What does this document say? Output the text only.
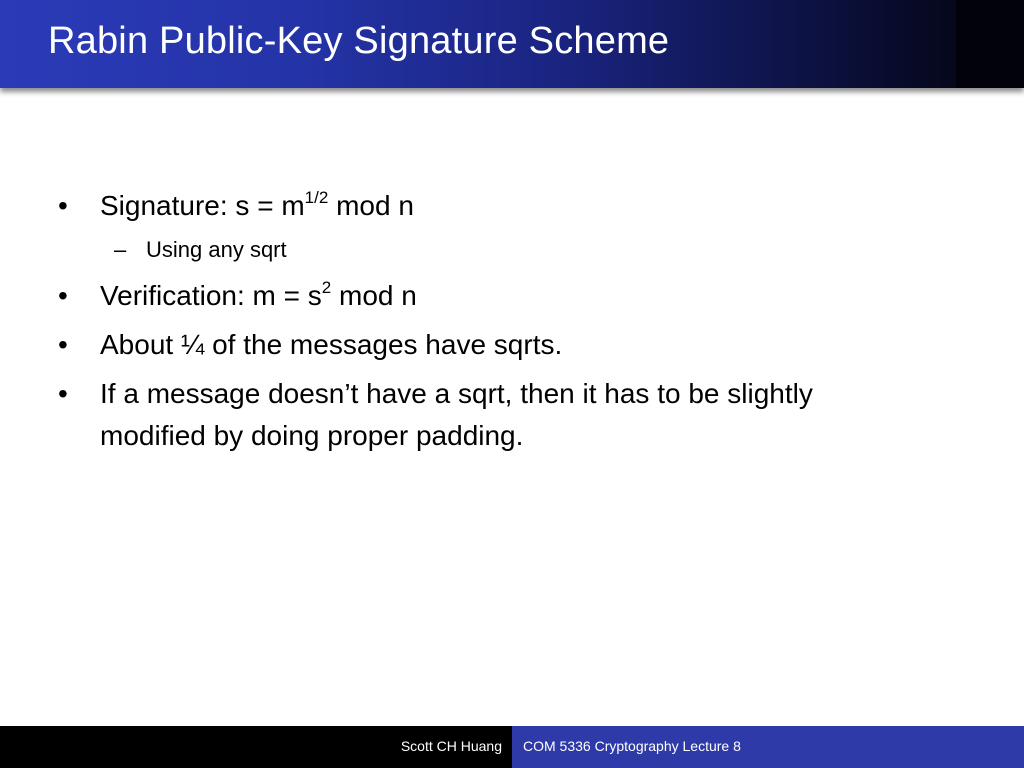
Rabin Public-Key Signature Scheme
• Signature: $s = m^{1/2}$ mod n
– Using any sqrt
• Verification: $m = s^2$ mod n
• About ¼ of the messages have sqrts.
• If a message doesn’t have a sqrt, then it has to be slightly modified by doing proper padding.
Scott CH Huang COM 5336 Cryptography Lecture 8
